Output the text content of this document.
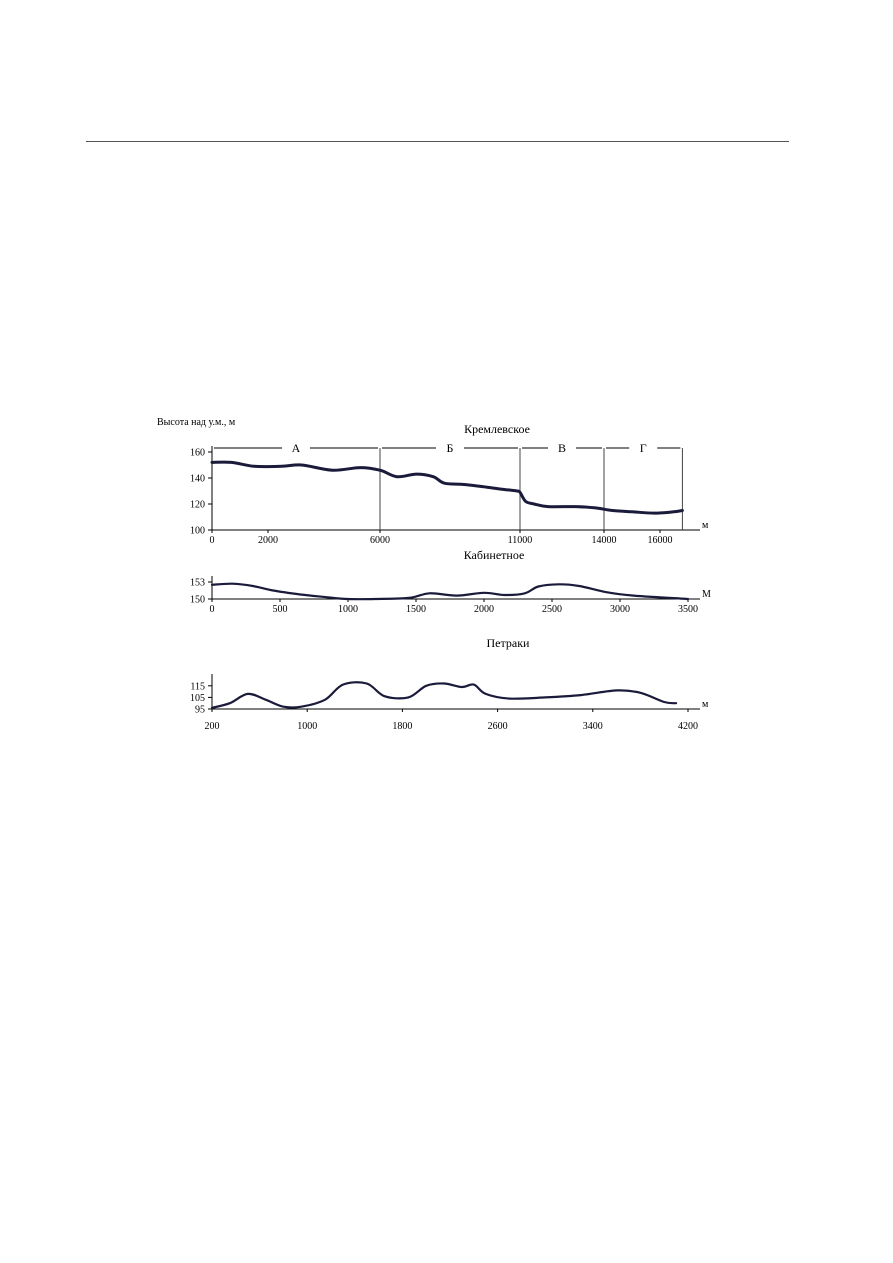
Высота над у.м., м	Кремлевское
100
120
140
160
0	2000	6000	11000	14000	16000
м
А	Б	В	Г
Кабинетное
150
153
0	500	1000	1500	2000	2500	3000	3500
М
Петраки
95
105
115
200	1000	1800	2600	3400	4200
м
